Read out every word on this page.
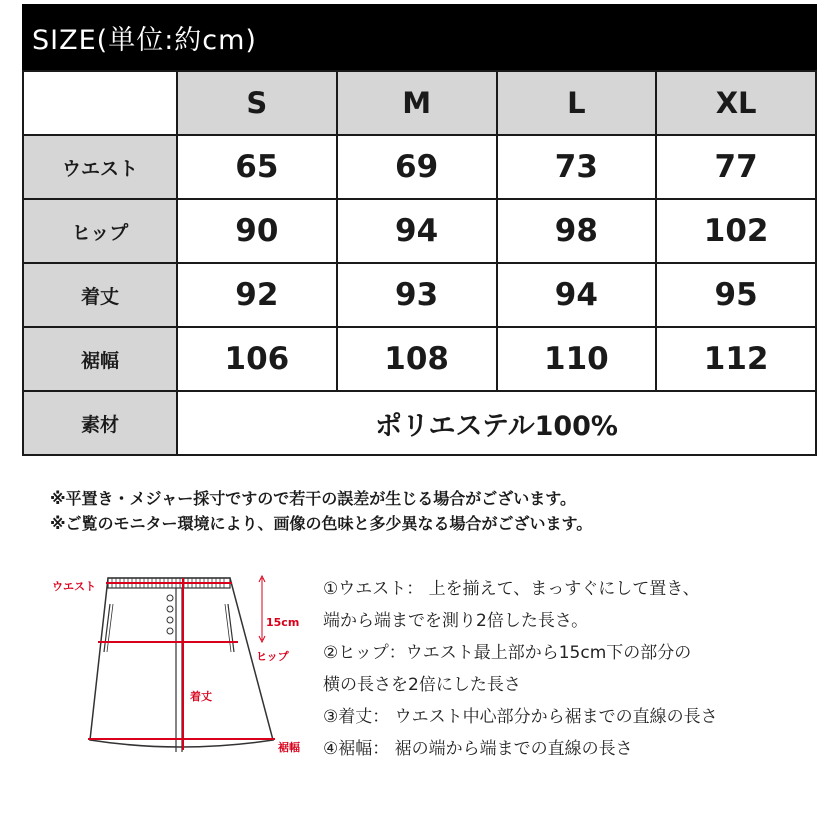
SIZE(単位:約cm)
	S	M	L	XL
ウエスト	65	69	73	77
ヒップ	90	94	98	102
着丈	92	93	94	95
裾幅	106	108	110	112
素材	ポリエステル100%			
※平置き・メジャー採寸ですので若干の誤差が生じる場合がございます。
※ご覧のモニター環境により、画像の色味と多少異なる場合がございます。
ウエスト
15cm
ヒップ
着丈
裾幅
①ウエスト： 上を揃えて、まっすぐにして置き、
端から端までを測り2倍した長さ。
②ヒップ：ウエスト最上部から15cm下の部分の
横の長さを2倍にした長さ
③着丈： ウエスト中心部分から裾までの直線の長さ
④裾幅： 裾の端から端までの直線の長さ
